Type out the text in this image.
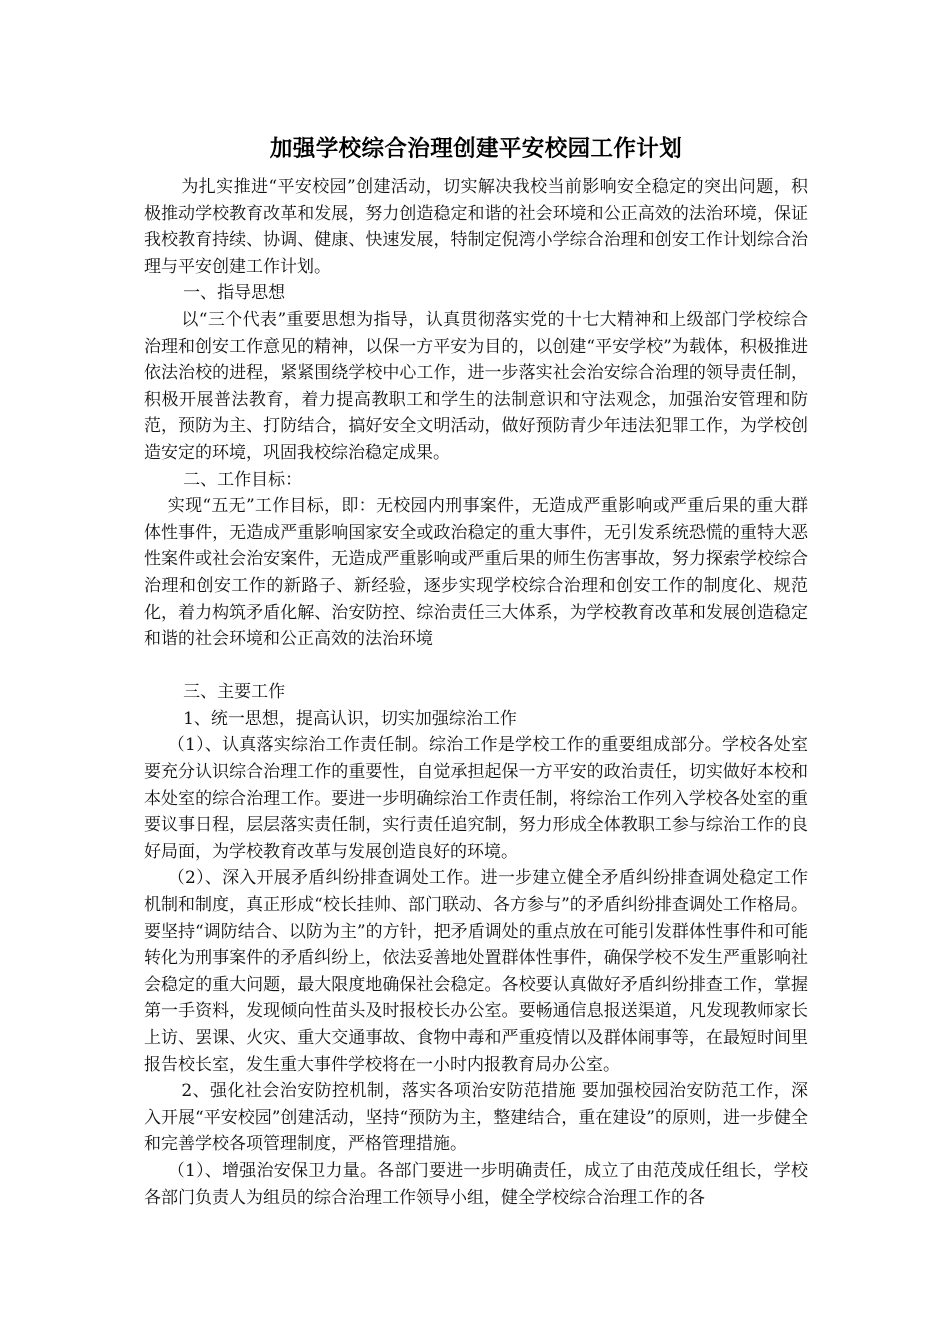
加强学校综合治理创建平安校园工作计划

为扎实推进“平安校园”创建活动，切实解决我校当前影响安全稳定的突出问题，积极推动学校教育改革和发展，努力创造稳定和谐的社会环境和公正高效的法治环境，保证我校教育持续、协调、健康、快速发展，特制定倪湾小学综合治理和创安工作计划综合治理与平安创建工作计划。

一、指导思想

以“三个代表”重要思想为指导，认真贯彻落实党的十七大精神和上级部门学校综合治理和创安工作意见的精神，以保一方平安为目的，以创建“平安学校”为载体，积极推进依法治校的进程，紧紧围绕学校中心工作，进一步落实社会治安综合治理的领导责任制，积极开展普法教育，着力提高教职工和学生的法制意识和守法观念，加强治安管理和防范，预防为主、打防结合，搞好安全文明活动，做好预防青少年违法犯罪工作，为学校创造安定的环境，巩固我校综治稳定成果。

二、工作目标：

实现“五无”工作目标，即：无校园内刑事案件，无造成严重影响或严重后果的重大群体性事件，无造成严重影响国家安全或政治稳定的重大事件，无引发系统恐慌的重特大恶性案件或社会治安案件，无造成严重影响或严重后果的师生伤害事故，努力探索学校综合治理和创安工作的新路子、新经验，逐步实现学校综合治理和创安工作的制度化、规范化，着力构筑矛盾化解、治安防控、综治责任三大体系，为学校教育改革和发展创造稳定和谐的社会环境和公正高效的法治环境

三、主要工作

1、统一思想，提高认识，切实加强综治工作

（1）、认真落实综治工作责任制。综治工作是学校工作的重要组成部分。学校各处室要充分认识综合治理工作的重要性，自觉承担起保一方平安的政治责任，切实做好本校和本处室的综合治理工作。要进一步明确综治工作责任制，将综治工作列入学校各处室的重要议事日程，层层落实责任制，实行责任追究制，努力形成全体教职工参与综治工作的良好局面，为学校教育改革与发展创造良好的环境。

（2）、深入开展矛盾纠纷排查调处工作。进一步建立健全矛盾纠纷排查调处稳定工作机制和制度，真正形成“校长挂帅、部门联动、各方参与”的矛盾纠纷排查调处工作格局。要坚持“调防结合、以防为主”的方针，把矛盾调处的重点放在可能引发群体性事件和可能转化为刑事案件的矛盾纠纷上，依法妥善地处置群体性事件，确保学校不发生严重影响社会稳定的重大问题，最大限度地确保社会稳定。各校要认真做好矛盾纠纷排查工作，掌握第一手资料，发现倾向性苗头及时报校长办公室。要畅通信息报送渠道，凡发现教师家长上访、罢课、火灾、重大交通事故、食物中毒和严重疫情以及群体闹事等，在最短时间里报告校长室，发生重大事件学校将在一小时内报教育局办公室。

2、强化社会治安防控机制，落实各项治安防范措施 要加强校园治安防范工作，深入开展“平安校园”创建活动，坚持“预防为主，整建结合，重在建设”的原则，进一步健全和完善学校各项管理制度，严格管理措施。

（1）、增强治安保卫力量。各部门要进一步明确责任，成立了由范茂成任组长，学校各部门负责人为组员的综合治理工作领导小组，健全学校综合治理工作的各
